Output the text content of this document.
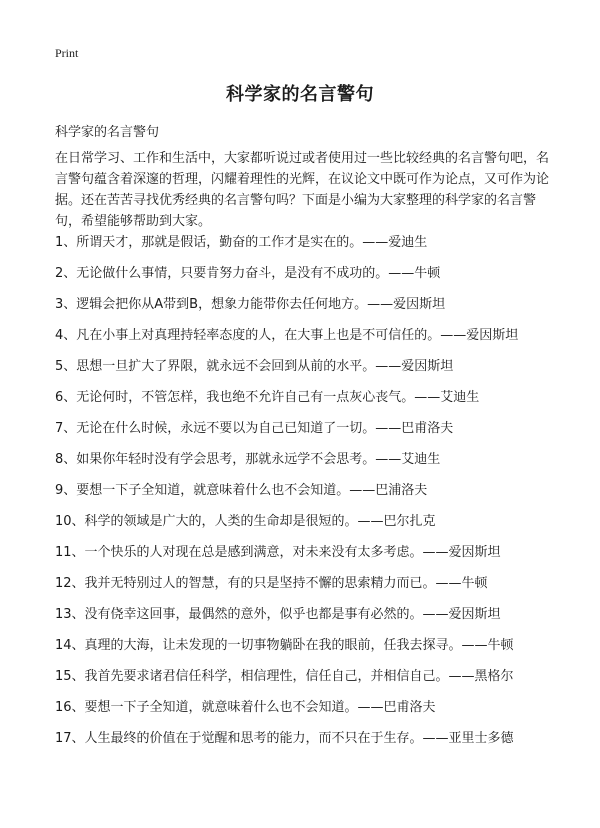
Print
科学家的名言警句
科学家的名言警句
在日常学习、工作和生活中，大家都听说过或者使用过一些比较经典的名言警句吧，名言警句蕴含着深邃的哲理，闪耀着理性的光辉，在议论文中既可作为论点，又可作为论据。还在苦苦寻找优秀经典的名言警句吗？下面是小编为大家整理的科学家的名言警句，希望能够帮助到大家。
1、所谓天才，那就是假话，勤奋的工作才是实在的。——爱迪生
2、无论做什么事情，只要肯努力奋斗，是没有不成功的。——牛顿
3、逻辑会把你从A带到B，想象力能带你去任何地方。——爱因斯坦
4、凡在小事上对真理持轻率态度的人，在大事上也是不可信任的。——爱因斯坦
5、思想一旦扩大了界限，就永远不会回到从前的水平。——爱因斯坦
6、无论何时，不管怎样，我也绝不允许自己有一点灰心丧气。——艾迪生
7、无论在什么时候，永远不要以为自己已知道了一切。——巴甫洛夫
8、如果你年轻时没有学会思考，那就永远学不会思考。——艾迪生
9、要想一下子全知道，就意味着什么也不会知道。——巴浦洛夫
10、科学的领域是广大的，人类的生命却是很短的。——巴尔扎克
11、一个快乐的人对现在总是感到满意，对未来没有太多考虑。——爱因斯坦
12、我并无特别过人的智慧，有的只是坚持不懈的思索精力而已。——牛顿
13、没有侥幸这回事，最偶然的意外，似乎也都是事有必然的。——爱因斯坦
14、真理的大海，让未发现的一切事物躺卧在我的眼前，任我去探寻。——牛顿
15、我首先要求诸君信任科学，相信理性，信任自己，并相信自己。——黑格尔
16、要想一下子全知道，就意味着什么也不会知道。——巴甫洛夫
17、人生最终的价值在于觉醒和思考的能力，而不只在于生存。——亚里士多德
